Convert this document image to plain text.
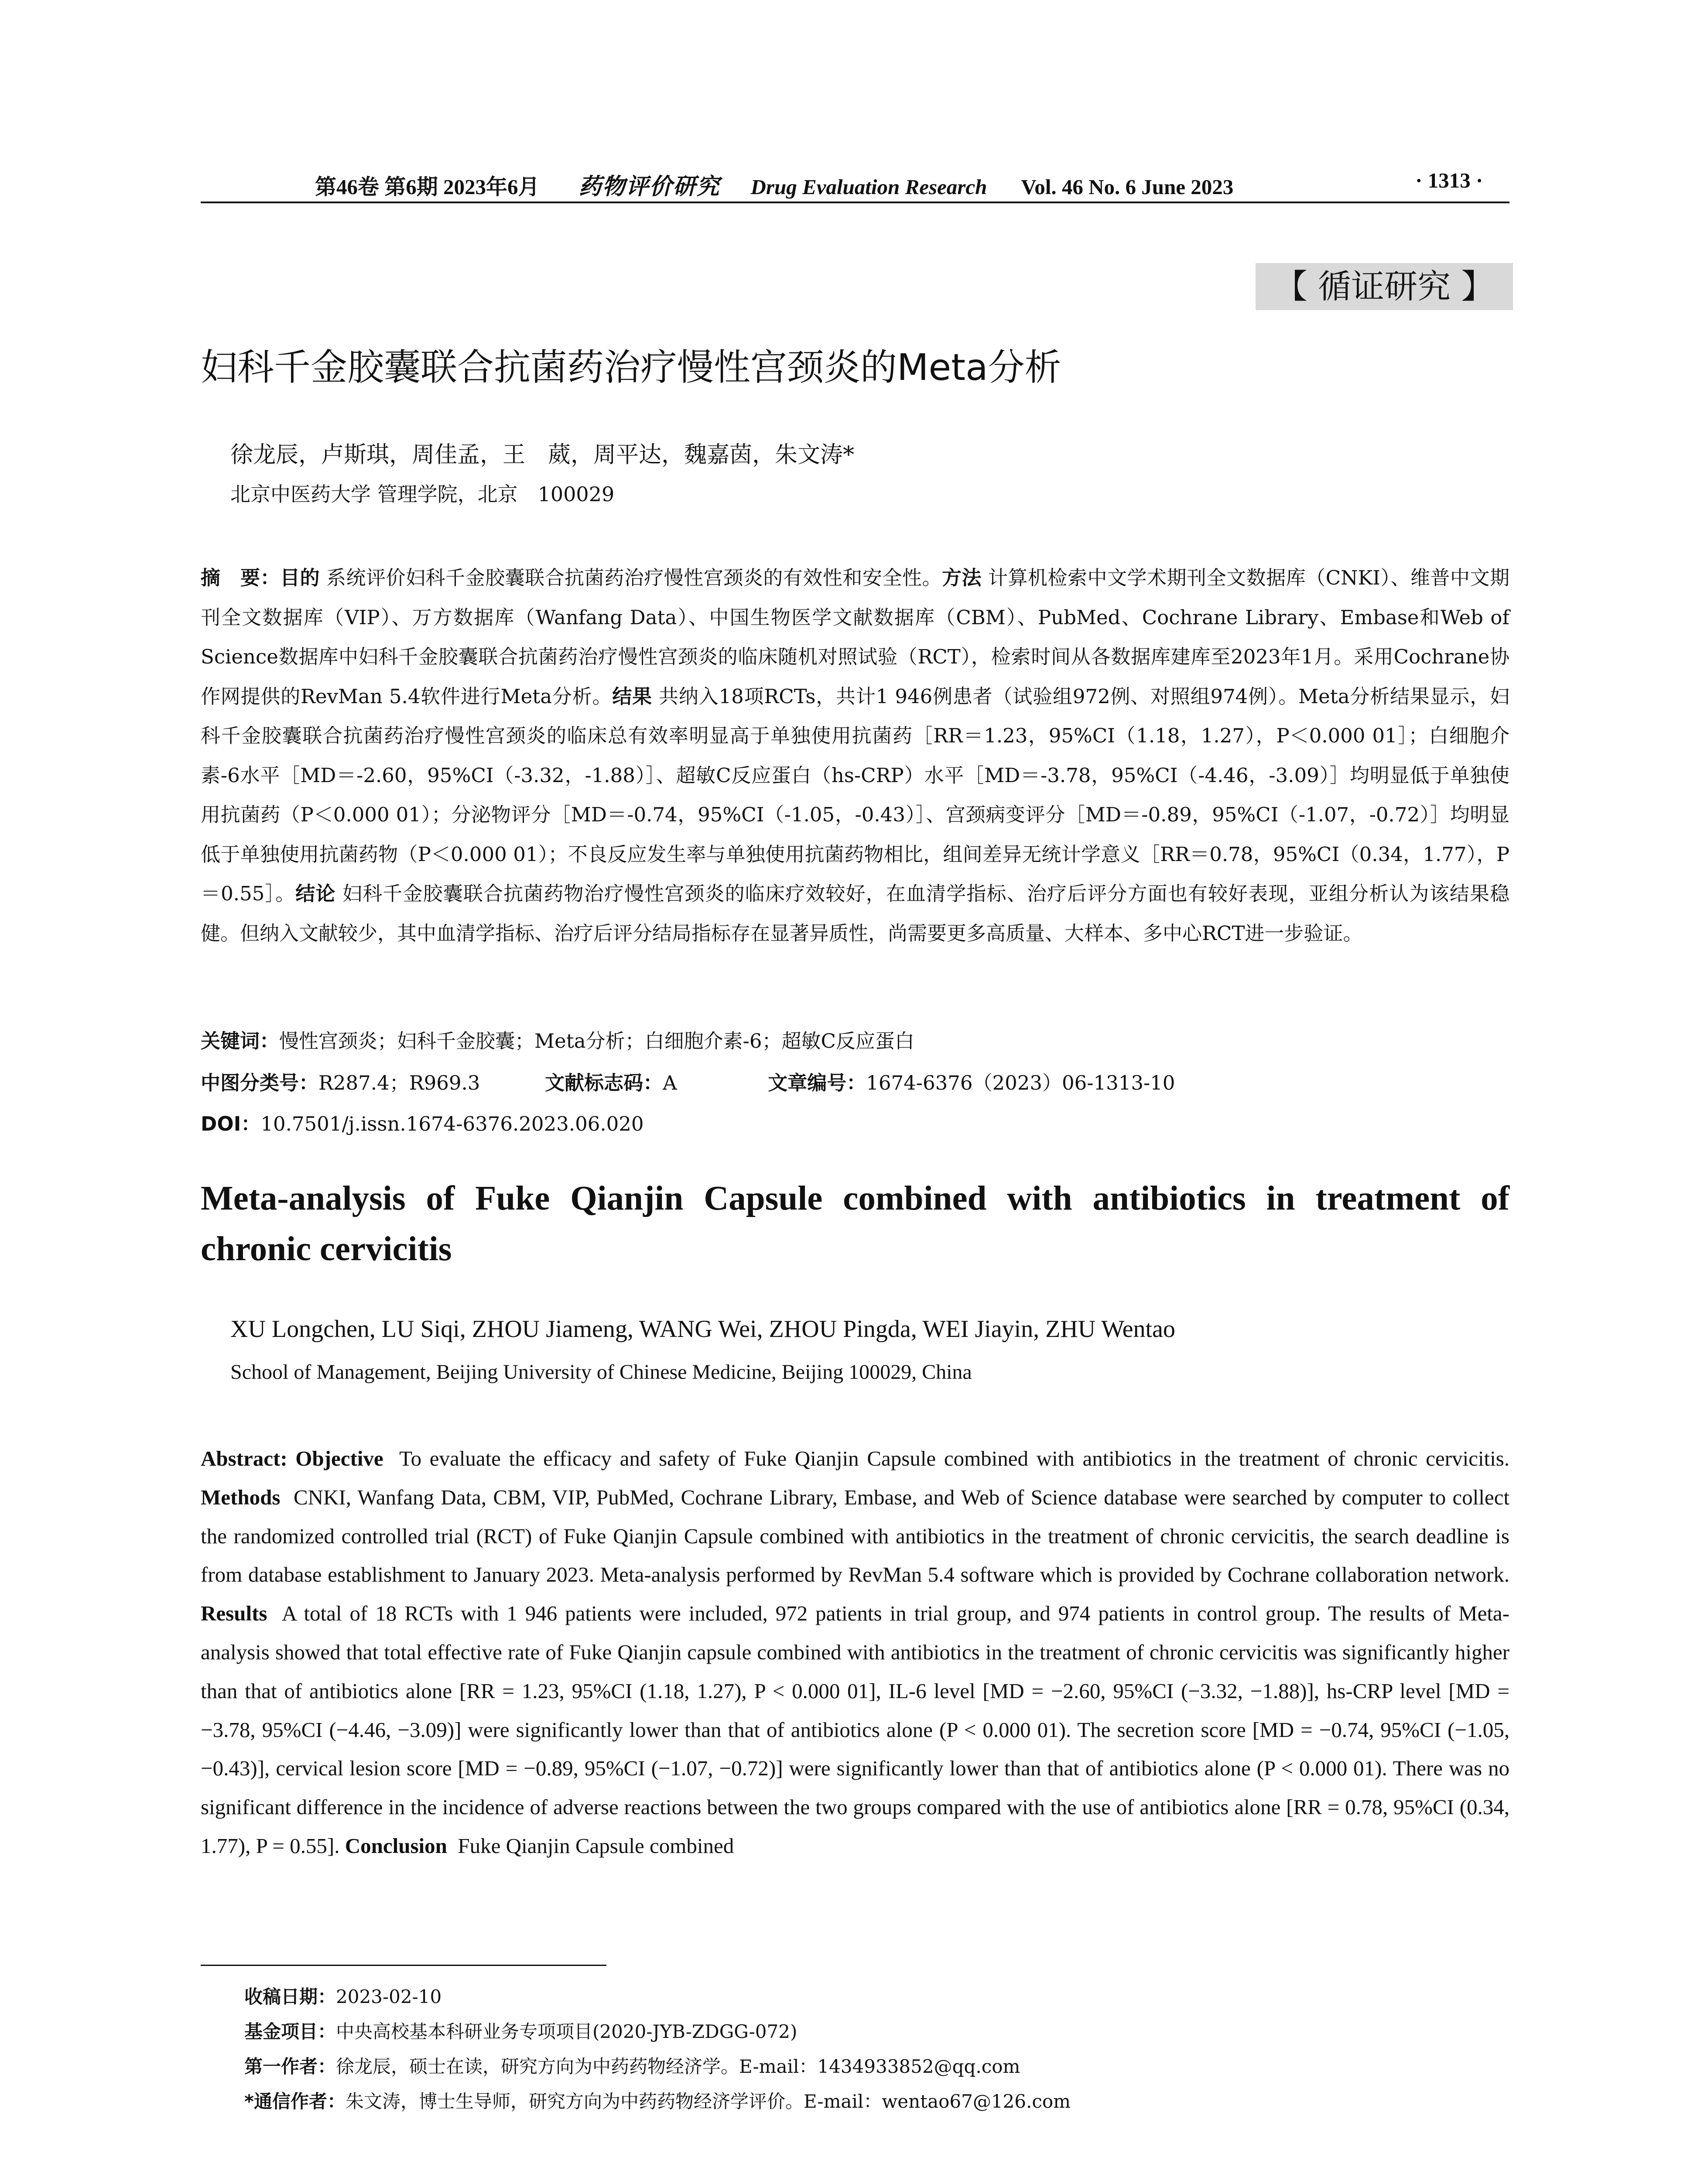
第46卷 第6期 2023年6月 药物评价研究 Drug Evaluation Research Vol. 46 No. 6 June 2023	· 1313 ·
【 循证研究 】
妇科千金胶囊联合抗菌药治疗慢性宫颈炎的Meta分析
徐龙辰，卢斯琪，周佳孟，王　葳，周平达，魏嘉茵，朱文涛*
北京中医药大学 管理学院，北京　100029
摘　要：目的 系统评价妇科千金胶囊联合抗菌药治疗慢性宫颈炎的有效性和安全性。方法 计算机检索中文学术期刊全文数据库（CNKI）、维普中文期刊全文数据库（VIP）、万方数据库（Wanfang Data）、中国生物医学文献数据库（CBM）、PubMed、Cochrane Library、Embase和Web of Science数据库中妇科千金胶囊联合抗菌药治疗慢性宫颈炎的临床随机对照试验（RCT），检索时间从各数据库建库至2023年1月。采用Cochrane协作网提供的RevMan 5.4软件进行Meta分析。结果 共纳入18项RCTs，共计1 946例患者（试验组972例、对照组974例）。Meta分析结果显示，妇科千金胶囊联合抗菌药治疗慢性宫颈炎的临床总有效率明显高于单独使用抗菌药［RR＝1.23，95%CI（1.18，1.27），P＜0.000 01］；白细胞介素-6水平［MD＝-2.60，95%CI（-3.32，-1.88）］、超敏C反应蛋白（hs-CRP）水平［MD＝-3.78，95%CI（-4.46，-3.09）］均明显低于单独使用抗菌药（P＜0.000 01）；分泌物评分［MD＝-0.74，95%CI（-1.05，-0.43）］、宫颈病变评分［MD＝-0.89，95%CI（-1.07，-0.72）］均明显低于单独使用抗菌药物（P＜0.000 01）；不良反应发生率与单独使用抗菌药物相比，组间差异无统计学意义［RR＝0.78，95%CI（0.34，1.77），P＝0.55］。结论 妇科千金胶囊联合抗菌药物治疗慢性宫颈炎的临床疗效较好，在血清学指标、治疗后评分方面也有较好表现，亚组分析认为该结果稳健。但纳入文献较少，其中血清学指标、治疗后评分结局指标存在显著异质性，尚需要更多高质量、大样本、多中心RCT进一步验证。
关键词：慢性宫颈炎；妇科千金胶囊；Meta分析；白细胞介素-6；超敏C反应蛋白
中图分类号：R287.4；R969.3	文献标志码：A	文章编号：1674-6376（2023）06-1313-10
DOI：10.7501/j.issn.1674-6376.2023.06.020
Meta-analysis of Fuke Qianjin Capsule combined with antibiotics in treatment of chronic cervicitis
XU Longchen, LU Siqi, ZHOU Jiameng, WANG Wei, ZHOU Pingda, WEI Jiayin, ZHU Wentao
School of Management, Beijing University of Chinese Medicine, Beijing 100029, China
Abstract: Objective To evaluate the efficacy and safety of Fuke Qianjin Capsule combined with antibiotics in the treatment of chronic cervicitis. Methods CNKI, Wanfang Data, CBM, VIP, PubMed, Cochrane Library, Embase, and Web of Science database were searched by computer to collect the randomized controlled trial (RCT) of Fuke Qianjin Capsule combined with antibiotics in the treatment of chronic cervicitis, the search deadline is from database establishment to January 2023. Meta-analysis performed by RevMan 5.4 software which is provided by Cochrane collaboration network. Results A total of 18 RCTs with 1 946 patients were included, 972 patients in trial group, and 974 patients in control group. The results of Meta-analysis showed that total effective rate of Fuke Qianjin capsule combined with antibiotics in the treatment of chronic cervicitis was significantly higher than that of antibiotics alone [RR = 1.23, 95%CI (1.18, 1.27), P < 0.000 01], IL-6 level [MD = −2.60, 95%CI (−3.32, −1.88)], hs-CRP level [MD = −3.78, 95%CI (−4.46, −3.09)] were significantly lower than that of antibiotics alone (P < 0.000 01). The secretion score [MD = −0.74, 95%CI (−1.05, −0.43)], cervical lesion score [MD = −0.89, 95%CI (−1.07, −0.72)] were significantly lower than that of antibiotics alone (P < 0.000 01). There was no significant difference in the incidence of adverse reactions between the two groups compared with the use of antibiotics alone [RR = 0.78, 95%CI (0.34, 1.77), P = 0.55]. Conclusion Fuke Qianjin Capsule combined
收稿日期：2023-02-10
基金项目：中央高校基本科研业务专项项目(2020-JYB-ZDGG-072)
第一作者：徐龙辰，硕士在读，研究方向为中药药物经济学。E-mail：1434933852@qq.com
*通信作者：朱文涛，博士生导师，研究方向为中药药物经济学评价。E-mail：wentao67@126.com
